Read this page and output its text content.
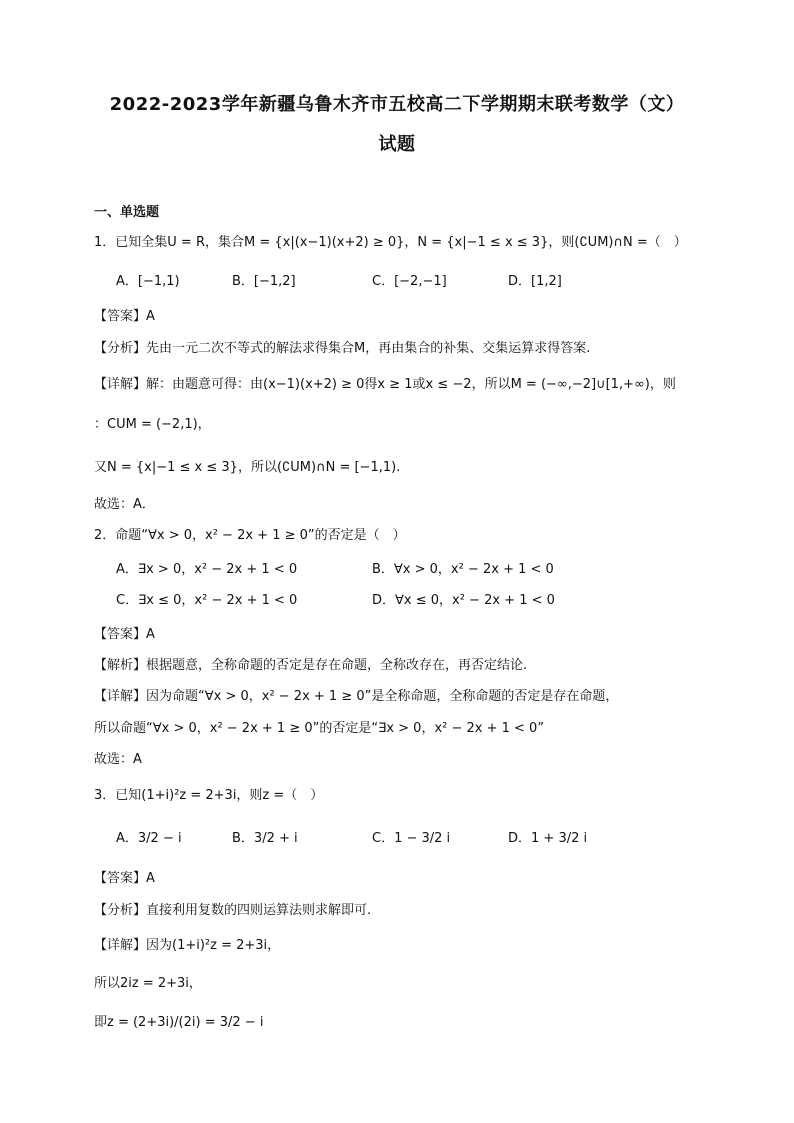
2022-2023学年新疆乌鲁木齐市五校高二下学期期末联考数学（文）
试题
一、单选题
1．已知全集U = R，集合M = {x|(x−1)(x+2) ≥ 0}，N = {x|−1 ≤ x ≤ 3}，则(∁UM)∩N =（　）
A．[−1,1)	B．[−1,2]	C．[−2,−1]	D．[1,2]
【答案】A
【分析】先由一元二次不等式的解法求得集合M，再由集合的补集、交集运算求得答案.
【详解】解：由题意可得：由(x−1)(x+2) ≥ 0得x ≥ 1或x ≤ −2，所以M = (−∞,−2]∪[1,+∞)，则
：CUM = (−2,1)，
又N = {x|−1 ≤ x ≤ 3}，所以(∁UM)∩N = [−1,1).
故选：A．
2．命题“∀x > 0，x² − 2x + 1 ≥ 0”的否定是（　）
A．∃x > 0，x² − 2x + 1 < 0	B．∀x > 0，x² − 2x + 1 < 0
C．∃x ≤ 0，x² − 2x + 1 < 0	D．∀x ≤ 0，x² − 2x + 1 < 0
【答案】A
【解析】根据题意，全称命题的否定是存在命题，全称改存在，再否定结论.
【详解】因为命题“∀x > 0，x² − 2x + 1 ≥ 0”是全称命题，全称命题的否定是存在命题，
所以命题“∀x > 0，x² − 2x + 1 ≥ 0”的否定是“∃x > 0，x² − 2x + 1 < 0”
故选：A
3．已知(1+i)²z = 2+3i，则z =（　）
A．3/2 − i	B．3/2 + i	C．1 − 3/2 i	D．1 + 3/2 i
【答案】A
【分析】直接利用复数的四则运算法则求解即可.
【详解】因为(1+i)²z = 2+3i，
所以2iz = 2+3i，
即z = (2+3i)/(2i) = 3/2 − i
